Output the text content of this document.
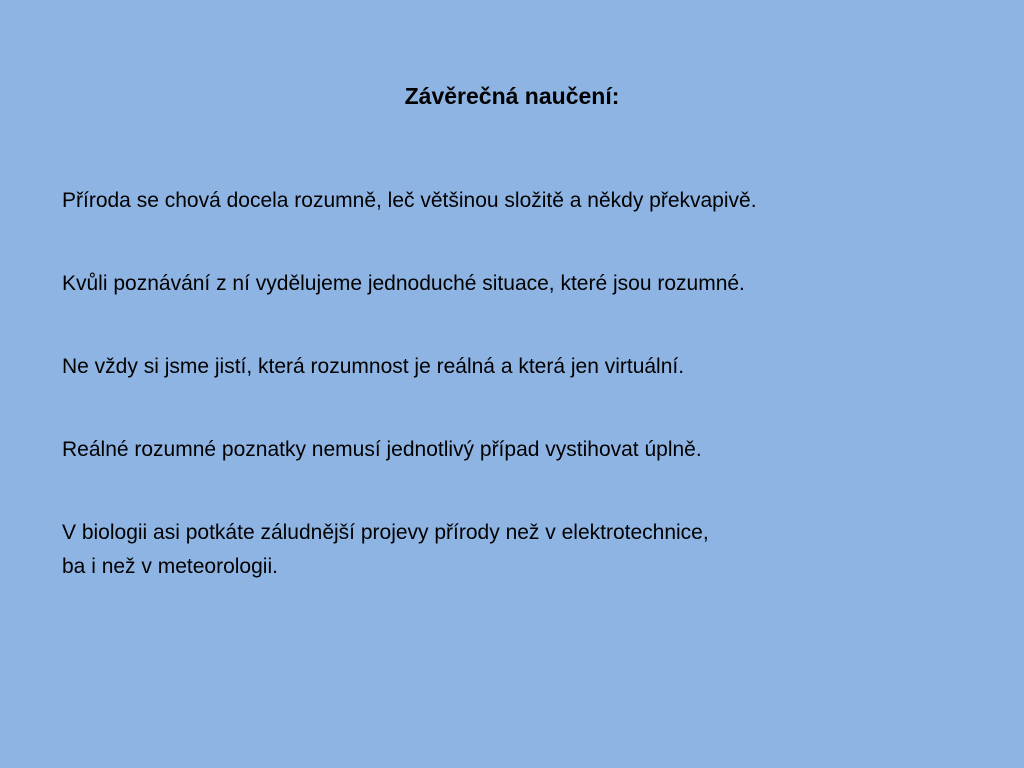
Závěrečná naučení:

Příroda se chová docela rozumně, leč většinou složitě a někdy překvapivě.

Kvůli poznávání z ní vydělujeme jednoduché situace, které jsou rozumné.

Ne vždy si jsme jistí, která rozumnost je reálná a která jen virtuální.

Reálné rozumné poznatky nemusí jednotlivý případ vystihovat úplně.

V biologii asi potkáte záludnější projevy přírody než v elektrotechnice,
ba i než v meteorologii.
